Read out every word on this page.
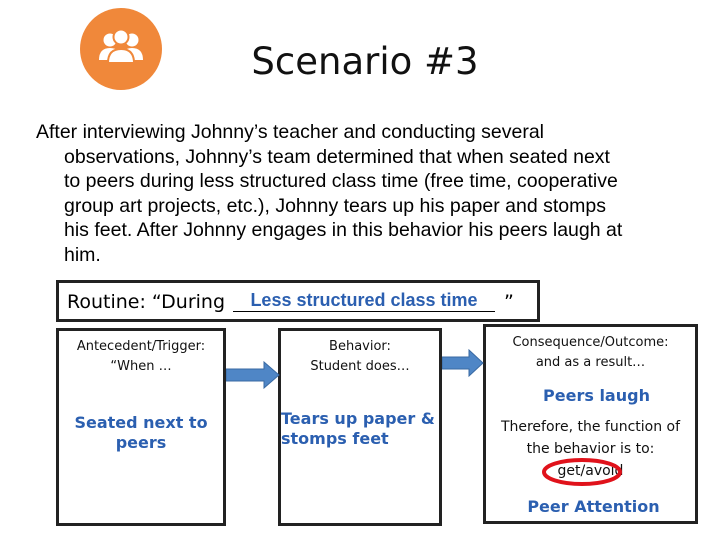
Scenario #3
After interviewing Johnny’s teacher and conducting several
observations, Johnny’s team determined that when seated next
to peers during less structured class time (free time, cooperative
group art projects, etc.), Johnny tears up his paper and stomps
his feet. After Johnny engages in this behavior his peers laugh at
him.
Routine: “During	Less structured class time	”
Antecedent/Trigger:
“When …
Seated next to
peers
Behavior:
Student does…
Tears up paper &
stomps feet
Consequence/Outcome:
and as a result…
Peers laugh
Therefore, the function of
the behavior is to:
get/avoid
Peer Attention
